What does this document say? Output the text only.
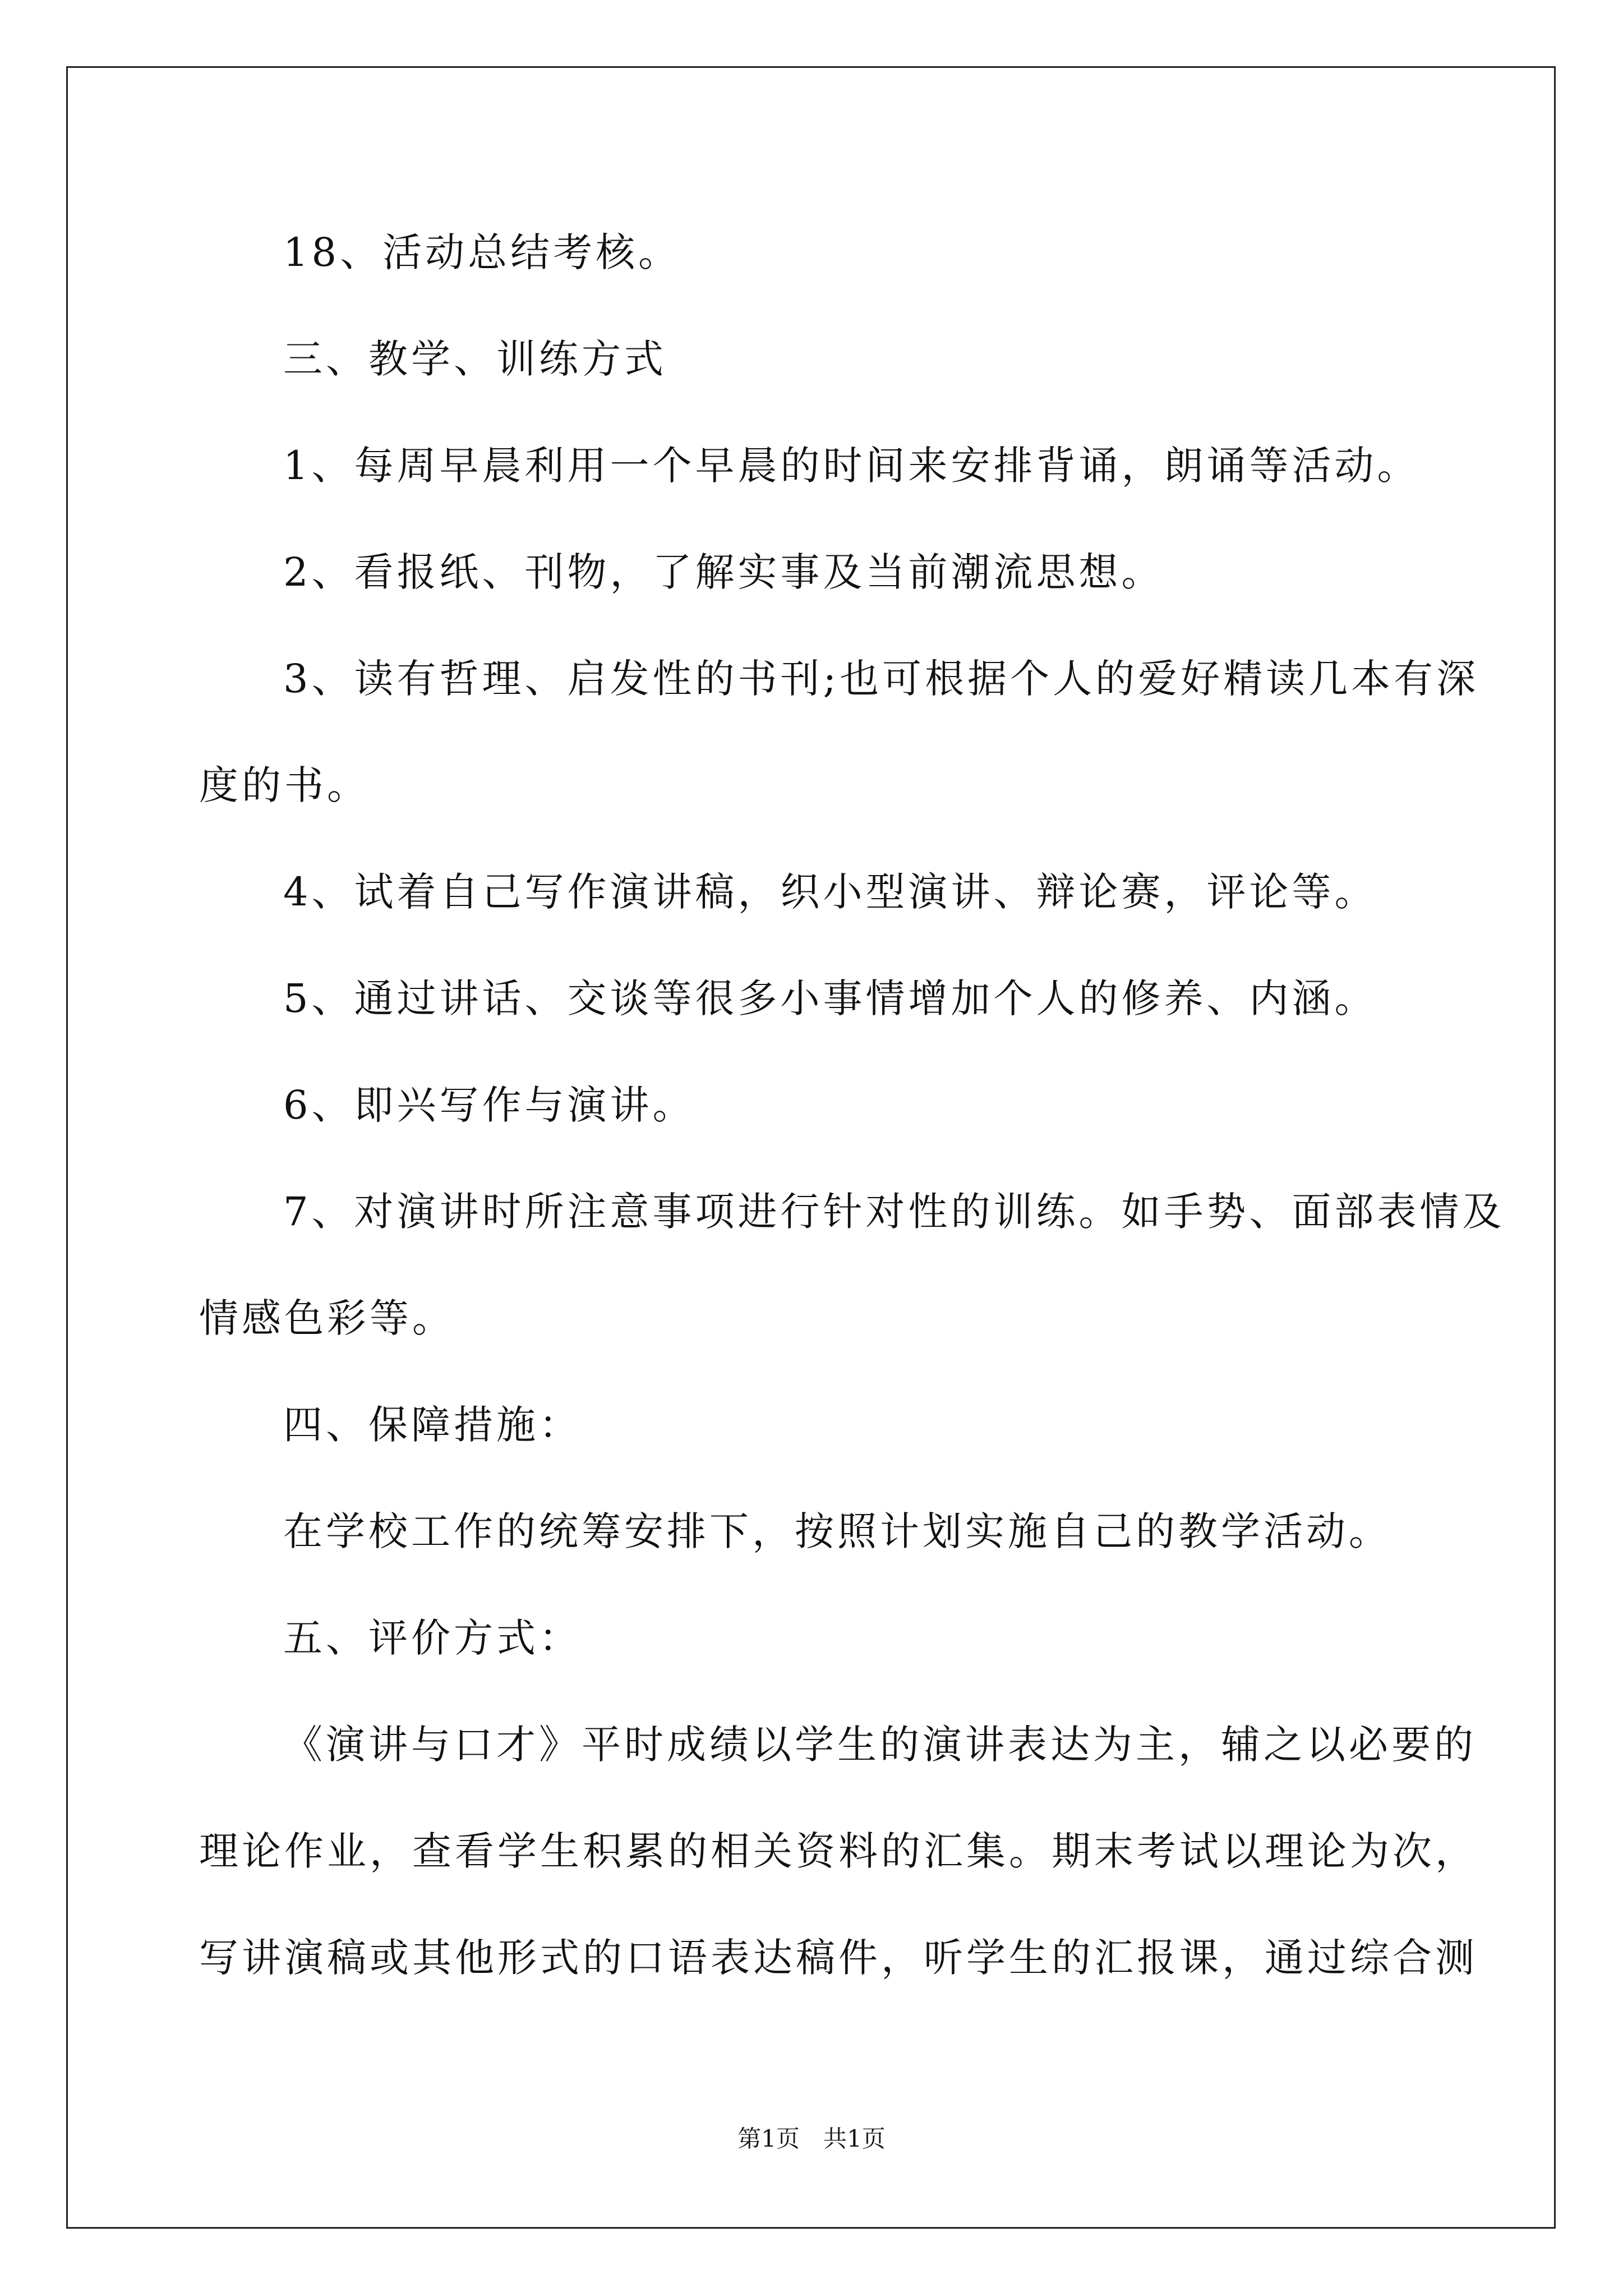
18、活动总结考核。
三、教学、训练方式
1、每周早晨利用一个早晨的时间来安排背诵，朗诵等活动。
2、看报纸、刊物，了解实事及当前潮流思想。
3、读有哲理、启发性的书刊;也可根据个人的爱好精读几本有深
度的书。
4、试着自己写作演讲稿，织小型演讲、辩论赛，评论等。
5、通过讲话、交谈等很多小事情增加个人的修养、内涵。
6、即兴写作与演讲。
7、对演讲时所注意事项进行针对性的训练。如手势、面部表情及
情感色彩等。
四、保障措施：
在学校工作的统筹安排下，按照计划实施自己的教学活动。
五、评价方式：
《演讲与口才》平时成绩以学生的演讲表达为主，辅之以必要的
理论作业，查看学生积累的相关资料的汇集。期末考试以理论为次，
写讲演稿或其他形式的口语表达稿件，听学生的汇报课，通过综合测
第1页　共1页
